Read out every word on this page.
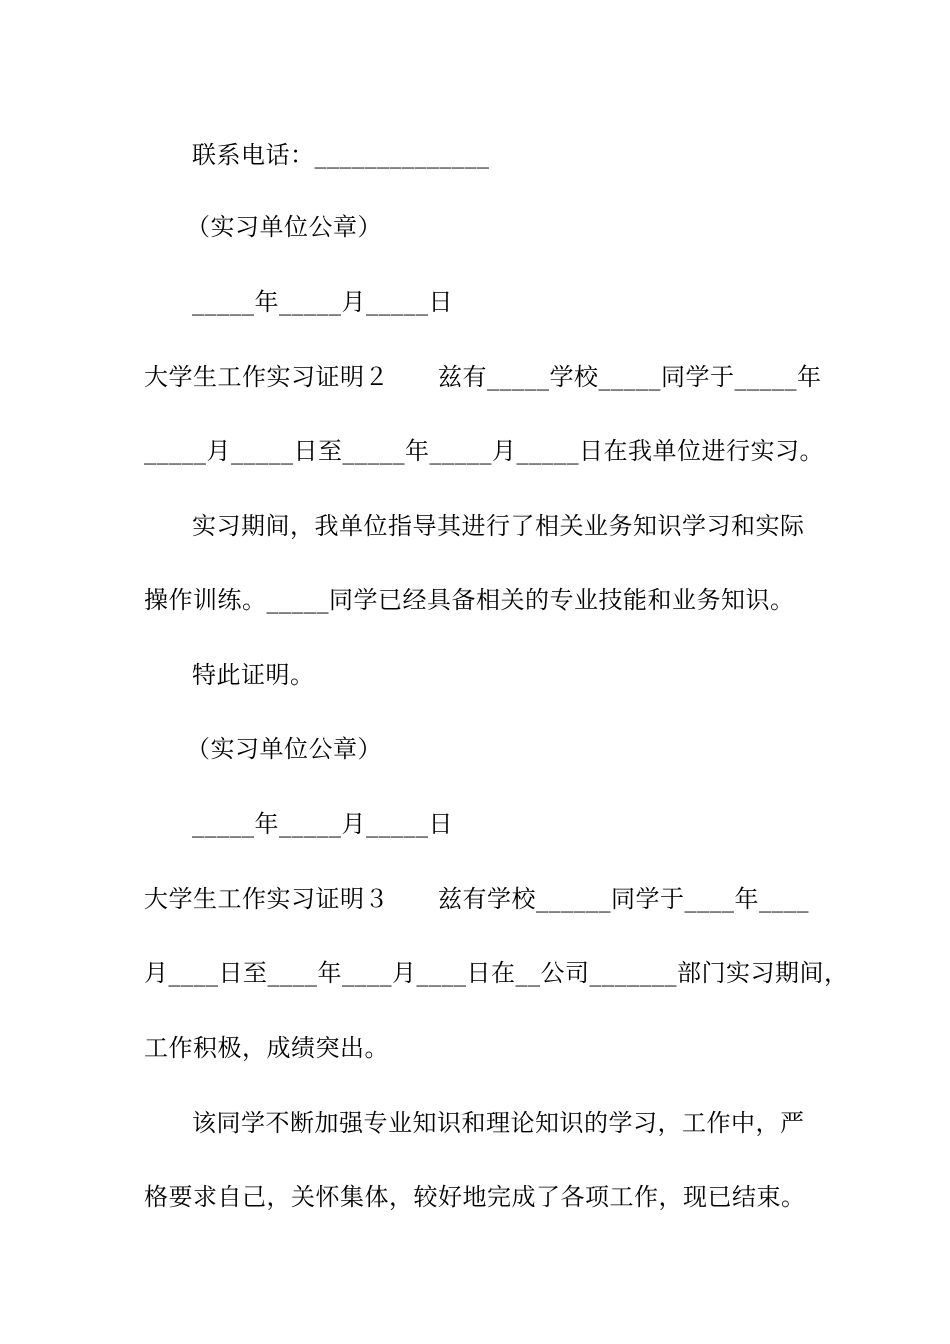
联系电话：______________
（实习单位公章）
_____年_____月_____日
大学生工作实习证明２　　兹有_____学校_____同学于_____年
_____月_____日至_____年_____月_____日在我单位进行实习。
实习期间，我单位指导其进行了相关业务知识学习和实际
操作训练。_____同学已经具备相关的专业技能和业务知识。
特此证明。
（实习单位公章）
_____年_____月_____日
大学生工作实习证明３　　兹有学校______同学于____年____
月____日至____年____月____日在__公司_______部门实习期间，
工作积极，成绩突出。
该同学不断加强专业知识和理论知识的学习，工作中，严
格要求自己，关怀集体，较好地完成了各项工作，现已结束。
